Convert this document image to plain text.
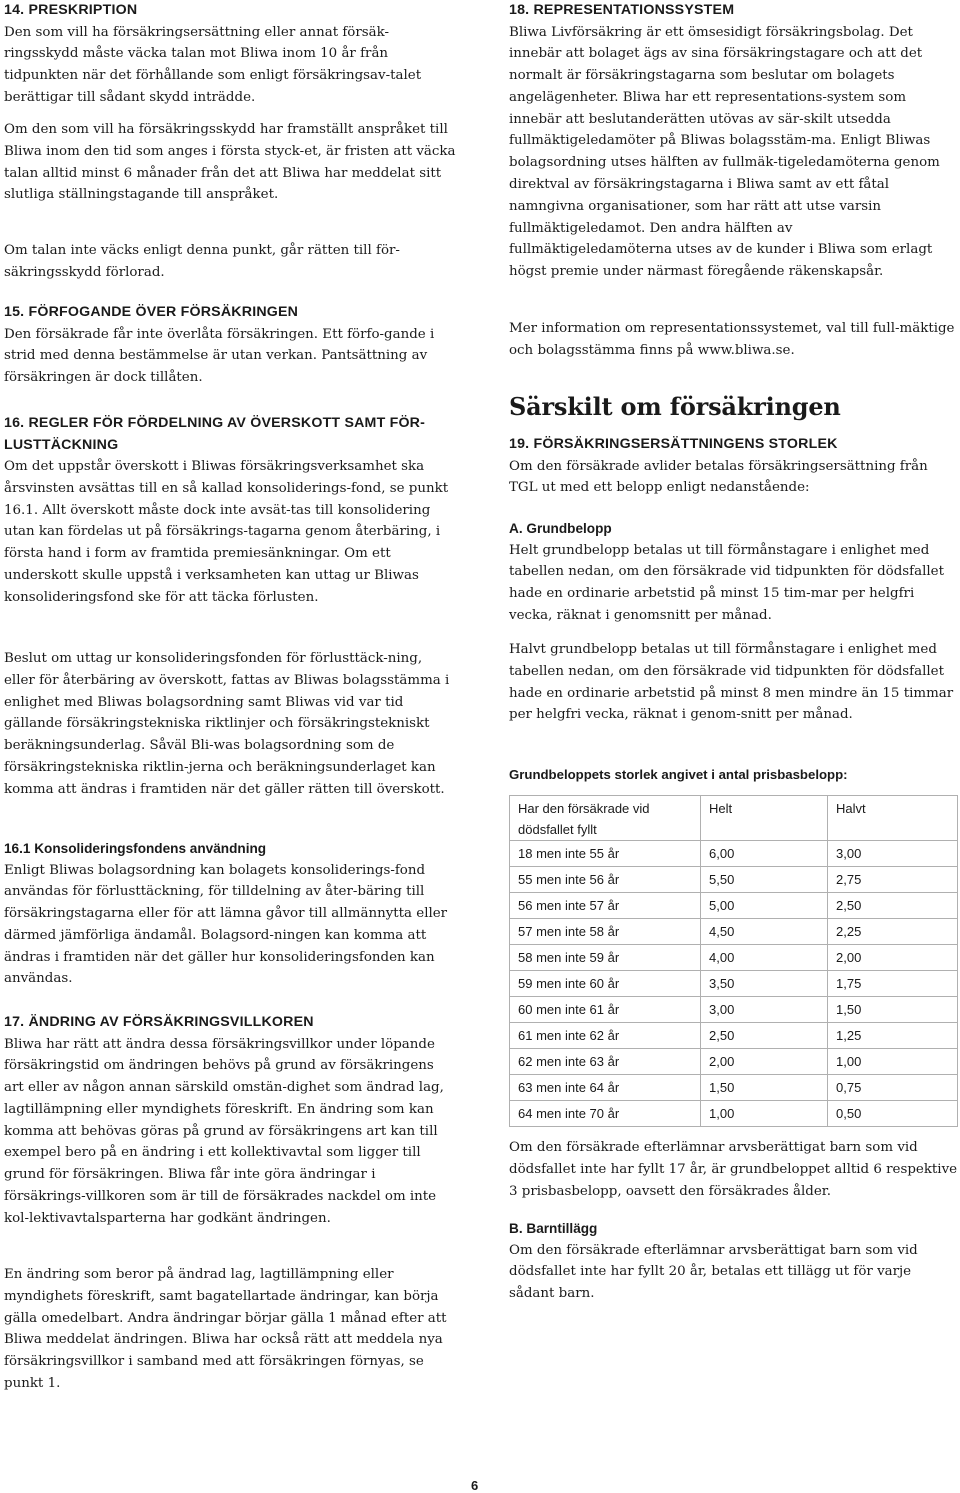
14. PRESKRIPTION

Den som vill ha försäkringsersättning eller annat försäk-ringsskydd måste väcka talan mot Bliwa inom 10 år från tidpunkten när det förhållande som enligt försäkringsav-talet berättigar till sådant skydd inträdde.

Om den som vill ha försäkringsskydd har framställt anspråket till Bliwa inom den tid som anges i första styck-et, är fristen att väcka talan alltid minst 6 månader från det att Bliwa har meddelat sitt slutliga ställningstagande till anspråket.

Om talan inte väcks enligt denna punkt, går rätten till för-säkringsskydd förlorad.

15. FÖRFOGANDE ÖVER FÖRSÄKRINGEN

Den försäkrade får inte överlåta försäkringen. Ett förfo-gande i strid med denna bestämmelse är utan verkan. Pantsättning av försäkringen är dock tillåten.

16. REGLER FÖR FÖRDELNING AV ÖVERSKOTT SAMT FÖR-LUSTTÄCKNING

Om det uppstår överskott i Bliwas försäkringsverksamhet ska årsvinsten avsättas till en så kallad konsoliderings-fond, se punkt 16.1. Allt överskott måste dock inte avsät-tas till konsolidering utan kan fördelas ut på försäkrings-tagarna genom återbäring, i första hand i form av framtida premiesänkningar. Om ett underskott skulle uppstå i verksamheten kan uttag ur Bliwas konsolideringsfond ske för att täcka förlusten.

Beslut om uttag ur konsolideringsfonden för förlusttäck-ning, eller för återbäring av överskott, fattas av Bliwas bolagsstämma i enlighet med Bliwas bolagsordning samt Bliwas vid var tid gällande försäkringstekniska riktlinjer och försäkringstekniskt beräkningsunderlag. Såväl Bli-was bolagsordning som de försäkringstekniska riktlin-jerna och beräkningsunderlaget kan komma att ändras i framtiden när det gäller rätten till överskott.

16.1 Konsolideringsfondens användning

Enligt Bliwas bolagsordning kan bolagets konsoliderings-fond användas för förlusttäckning, för tilldelning av åter-bäring till försäkringstagarna eller för att lämna gåvor till allmännytta eller därmed jämförliga ändamål. Bolagsord-ningen kan komma att ändras i framtiden när det gäller hur konsolideringsfonden kan användas.

17. ÄNDRING AV FÖRSÄKRINGSVILLKOREN

Bliwa har rätt att ändra dessa försäkringsvillkor under löpande försäkringstid om ändringen behövs på grund av försäkringens art eller av någon annan särskild omstän-dighet som ändrad lag, lagtillämpning eller myndighets föreskrift. En ändring som kan komma att behövas göras på grund av försäkringens art kan till exempel bero på en ändring i ett kollektivavtal som ligger till grund för försäkringen. Bliwa får inte göra ändringar i försäkrings-villkoren som är till de försäkrades nackdel om inte kol-lektivavtalsparterna har godkänt ändringen.

En ändring som beror på ändrad lag, lagtillämpning eller myndighets föreskrift, samt bagatellartade ändringar, kan börja gälla omedelbart. Andra ändringar börjar gälla 1 månad efter att Bliwa meddelat ändringen. Bliwa har också rätt att meddela nya försäkringsvillkor i samband med att försäkringen förnyas, se punkt 1.

18. REPRESENTATIONSSYSTEM

Bliwa Livförsäkring är ett ömsesidigt försäkringsbolag. Det innebär att bolaget ägs av sina försäkringstagare och att det normalt är försäkringstagarna som beslutar om bolagets angelägenheter. Bliwa har ett representations-system som innebär att beslutanderätten utövas av sär-skilt utsedda fullmäktigeledamöter på Bliwas bolagsstäm-ma. Enligt Bliwas bolagsordning utses hälften av fullmäk-tigeledamöterna genom direktval av försäkringstagarna i Bliwa samt av ett fåtal namngivna organisationer, som har rätt att utse varsin fullmäktigeledamot. Den andra hälften av fullmäktigeledamöterna utses av de kunder i Bliwa som erlagt högst premie under närmast föregående räkenskapsår.

Mer information om representationssystemet, val till full-mäktige och bolagsstämma finns på www.bliwa.se.

Särskilt om försäkringen
19. FÖRSÄKRINGSERSÄTTNINGENS STORLEK

Om den försäkrade avlider betalas försäkringsersättning från TGL ut med ett belopp enligt nedanstående:

A. Grundbelopp

Helt grundbelopp betalas ut till förmånstagare i enlighet med tabellen nedan, om den försäkrade vid tidpunkten för dödsfallet hade en ordinarie arbetstid på minst 15 tim-mar per helgfri vecka, räknat i genomsnitt per månad.

Halvt grundbelopp betalas ut till förmånstagare i enlighet med tabellen nedan, om den försäkrade vid tidpunkten för dödsfallet hade en ordinarie arbetstid på minst 8 men mindre än 15 timmar per helgfri vecka, räknat i genom-snitt per månad.

Grundbeloppets storlek angivet i antal prisbasbelopp:
Har den försäkrade vid dödsfallet fyllt	Helt	Halvt
18 men inte 55 år	6,00	3,00
55 men inte 56 år	5,50	2,75
56 men inte 57 år	5,00	2,50
57 men inte 58 år	4,50	2,25
58 men inte 59 år	4,00	2,00
59 men inte 60 år	3,50	1,75
60 men inte 61 år	3,00	1,50
61 men inte 62 år	2,50	1,25
62 men inte 63 år	2,00	1,00
63 men inte 64 år	1,50	0,75
64 men inte 70 år	1,00	0,50

Om den försäkrade efterlämnar arvsberättigat barn som vid dödsfallet inte har fyllt 17 år, är grundbeloppet alltid 6 respektive 3 prisbasbelopp, oavsett den försäkrades ålder.

B. Barntillägg

Om den försäkrade efterlämnar arvsberättigat barn som vid dödsfallet inte har fyllt 20 år, betalas ett tillägg ut för varje sådant barn.

6
